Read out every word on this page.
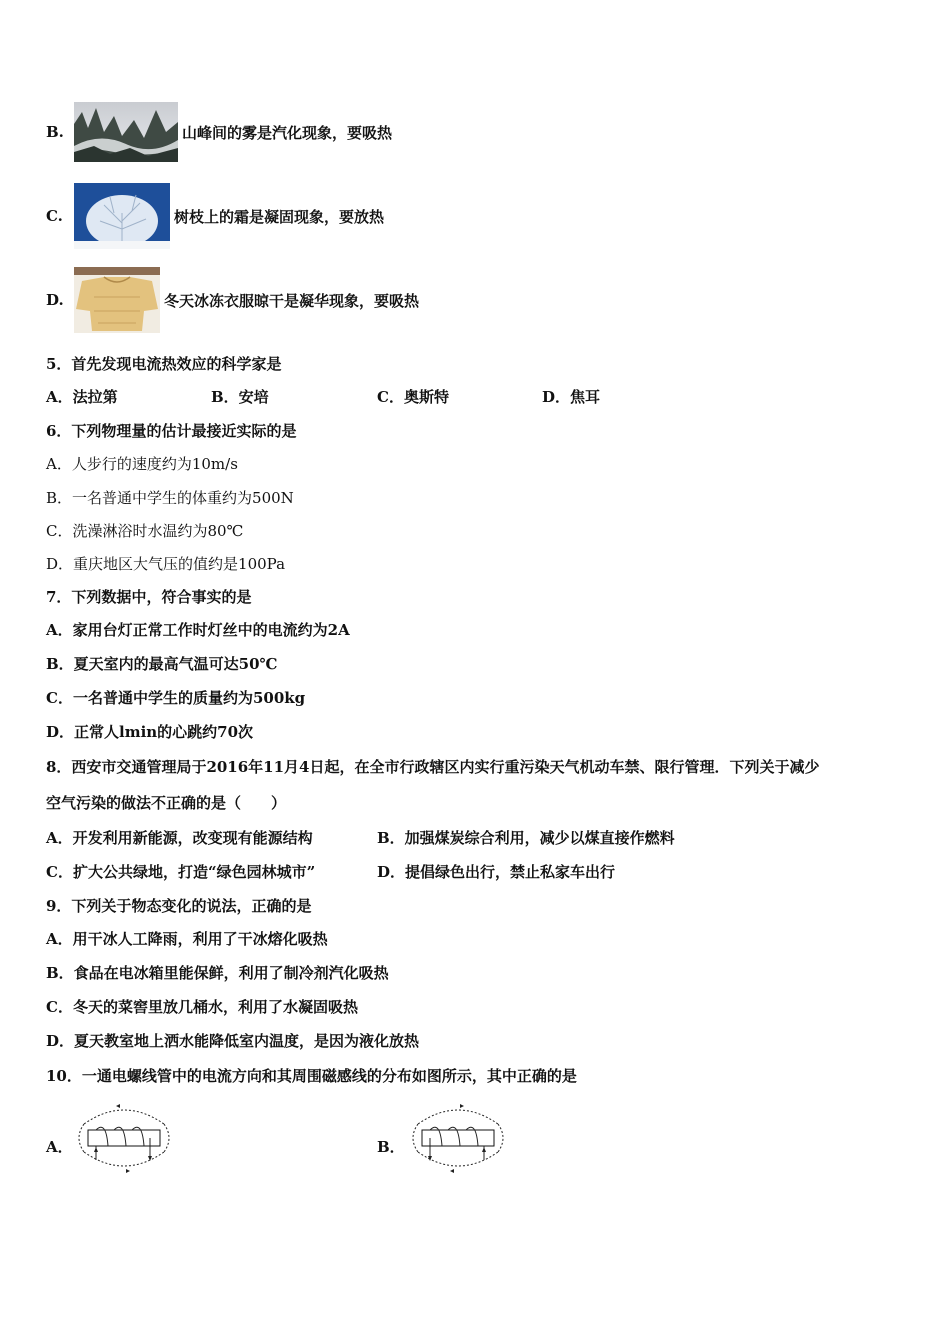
B.	山峰间的雾是汽化现象，要吸热
C.	树枝上的霜是凝固现象，要放热
D.	冬天冰冻衣服晾干是凝华现象，要吸热
5．首先发现电流热效应的科学家是
A．法拉第	B．安培	C．奥斯特	D．焦耳
6．下列物理量的估计最接近实际的是
A．人步行的速度约为10m/s
B．一名普通中学生的体重约为500N
C．洗澡淋浴时水温约为80℃
D．重庆地区大气压的值约是100Pa
7．下列数据中，符合事实的是
A．家用台灯正常工作时灯丝中的电流约为2A
B．夏天室内的最高气温可达50℃
C．一名普通中学生的质量约为500kg
D．正常人lmin的心跳约70次
8．西安市交通管理局于2016年11月4日起，在全市行政辖区内实行重污染天气机动车禁、限行管理．下列关于减少
空气污染的做法不正确的是（　　）
A．开发利用新能源，改变现有能源结构	B．加强煤炭综合利用，减少以煤直接作燃料
C．扩大公共绿地，打造“绿色园林城市”	D．提倡绿色出行，禁止私家车出行
9．下列关于物态变化的说法，正确的是
A．用干冰人工降雨，利用了干冰熔化吸热
B．食品在电冰箱里能保鲜，利用了制冷剂汽化吸热
C．冬天的菜窖里放几桶水，利用了水凝固吸热
D．夏天教室地上洒水能降低室内温度，是因为液化放热
10．一通电螺线管中的电流方向和其周围磁感线的分布如图所示，其中正确的是
A．	B．
